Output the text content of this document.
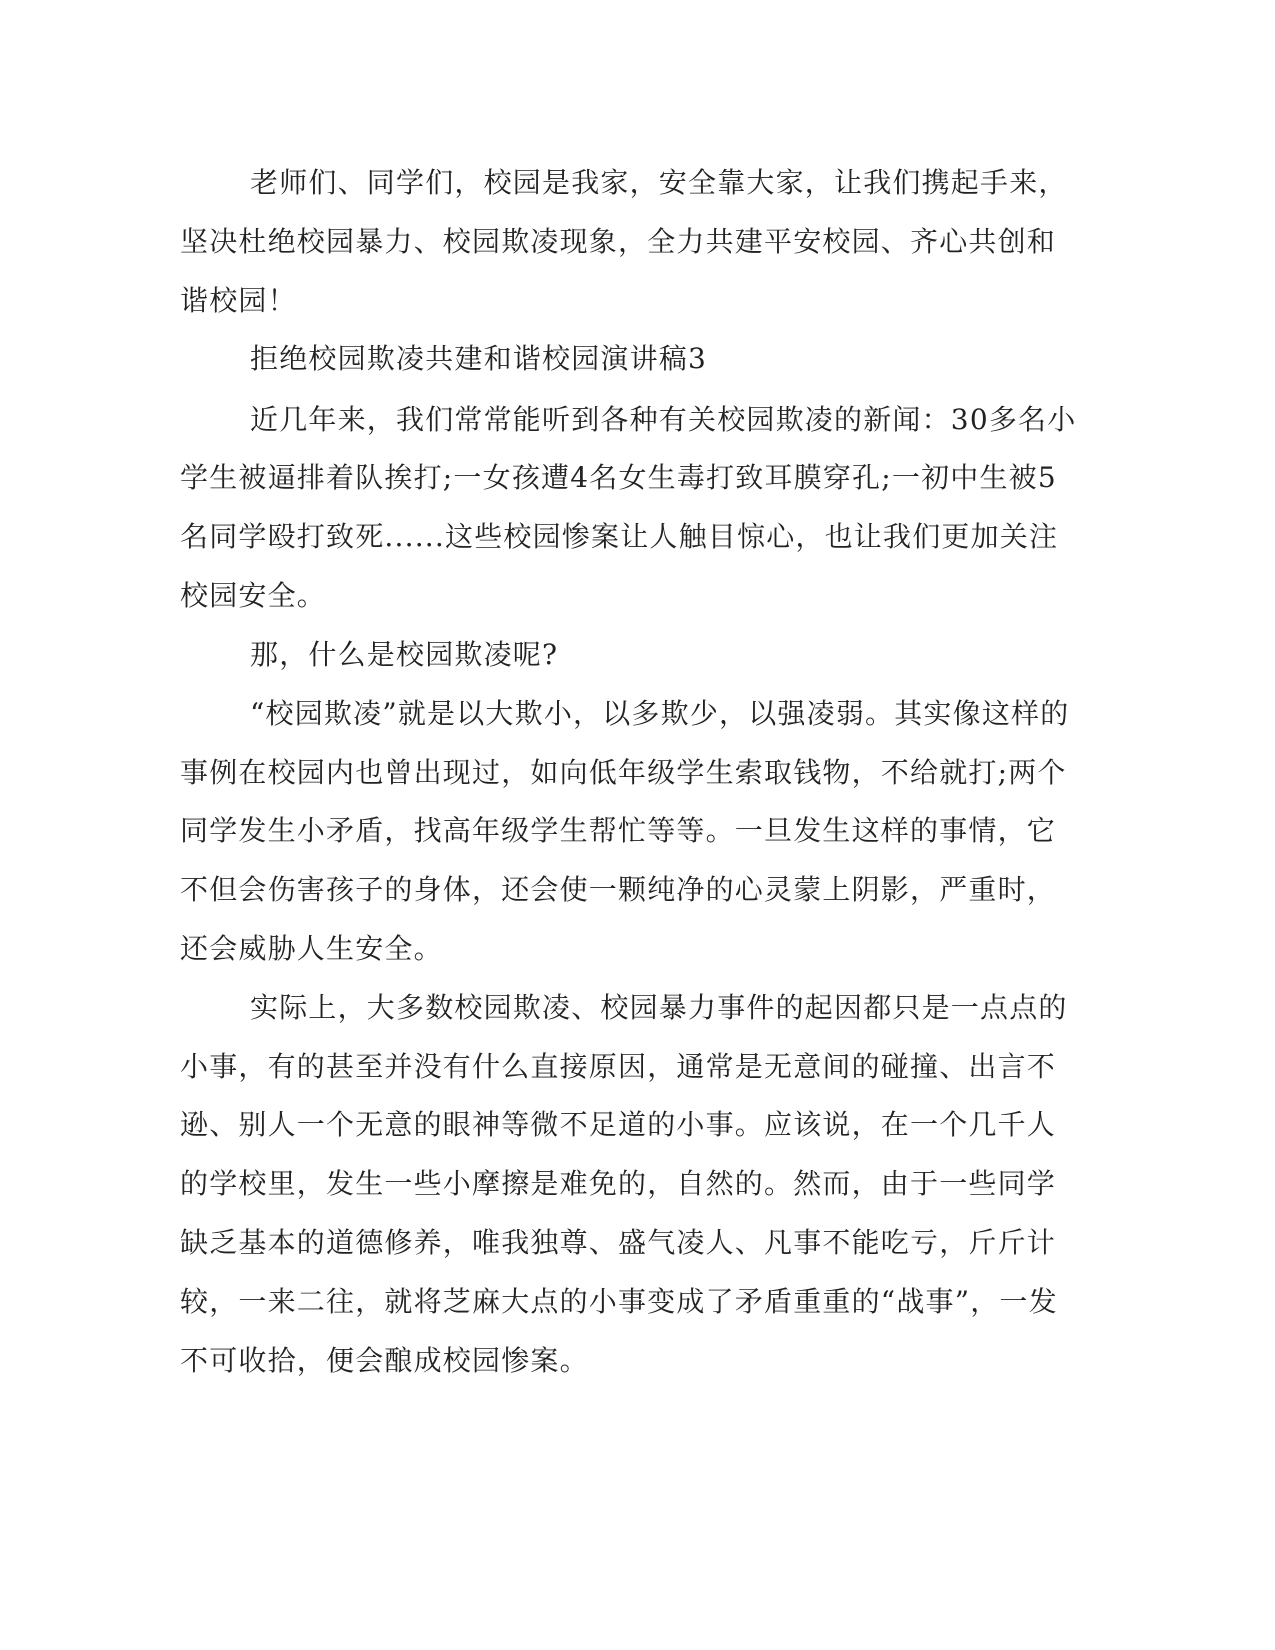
老师们、同学们，校园是我家，安全靠大家，让我们携起手来，

坚决杜绝校园暴力、校园欺凌现象，全力共建平安校园、齐心共创和

谐校园！

拒绝校园欺凌共建和谐校园演讲稿3

近几年来，我们常常能听到各种有关校园欺凌的新闻：30多名小

学生被逼排着队挨打;一女孩遭4名女生毒打致耳膜穿孔;一初中生被5

名同学殴打致死......这些校园惨案让人触目惊心，也让我们更加关注

校园安全。

那，什么是校园欺凌呢?

“校园欺凌”就是以大欺小，以多欺少，以强凌弱。其实像这样的

事例在校园内也曾出现过，如向低年级学生索取钱物，不给就打;两个

同学发生小矛盾，找高年级学生帮忙等等。一旦发生这样的事情，它

不但会伤害孩子的身体，还会使一颗纯净的心灵蒙上阴影，严重时，

还会威胁人生安全。

实际上，大多数校园欺凌、校园暴力事件的起因都只是一点点的

小事，有的甚至并没有什么直接原因，通常是无意间的碰撞、出言不

逊、别人一个无意的眼神等微不足道的小事。应该说，在一个几千人

的学校里，发生一些小摩擦是难免的，自然的。然而，由于一些同学

缺乏基本的道德修养，唯我独尊、盛气凌人、凡事不能吃亏，斤斤计

较，一来二往，就将芝麻大点的小事变成了矛盾重重的“战事”，一发

不可收拾，便会酿成校园惨案。
